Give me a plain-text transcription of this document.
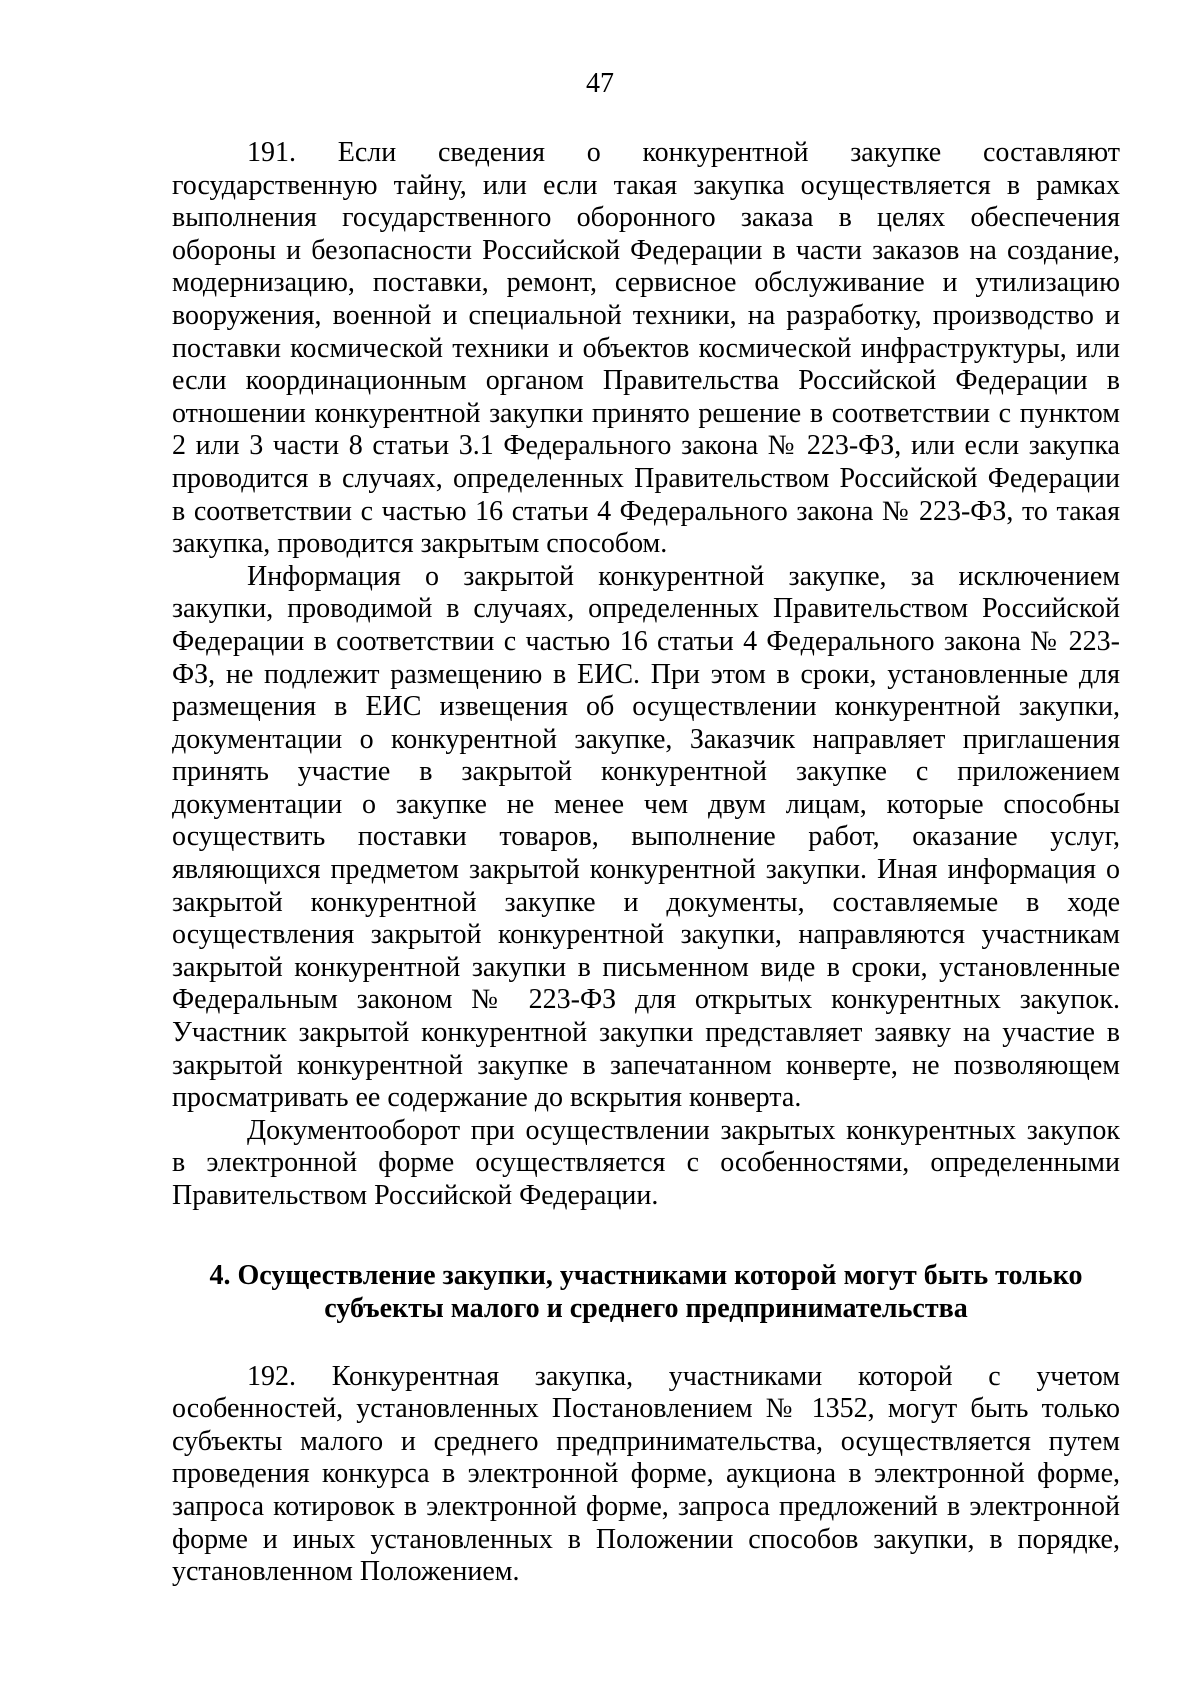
47

191. Если сведения о конкурентной закупке составляют государственную тайну, или если такая закупка осуществляется в рамках выполнения государственного оборонного заказа в целях обеспечения обороны и безопасности Российской Федерации в части заказов на создание, модернизацию, поставки, ремонт, сервисное обслуживание и утилизацию вооружения, военной и специальной техники, на разработку, производство и поставки космической техники и объектов космической инфраструктуры, или если координационным органом Правительства Российской Федерации в отношении конкурентной закупки принято решение в соответствии с пунктом 2 или 3 части 8 статьи 3.1 Федерального закона № 223-ФЗ, или если закупка проводится в случаях, определенных Правительством Российской Федерации в соответствии с частью 16 статьи 4 Федерального закона № 223-ФЗ, то такая закупка, проводится закрытым способом.

Информация о закрытой конкурентной закупке, за исключением закупки, проводимой в случаях, определенных Правительством Российской Федерации в соответствии с частью 16 статьи 4 Федерального закона № 223-ФЗ, не подлежит размещению в ЕИС. При этом в сроки, установленные для размещения в ЕИС извещения об осуществлении конкурентной закупки, документации о конкурентной закупке, Заказчик направляет приглашения принять участие в закрытой конкурентной закупке с приложением документации о закупке не менее чем двум лицам, которые способны осуществить поставки товаров, выполнение работ, оказание услуг, являющихся предметом закрытой конкурентной закупки. Иная информация о закрытой конкурентной закупке и документы, составляемые в ходе осуществления закрытой конкурентной закупки, направляются участникам закрытой конкурентной закупки в письменном виде в сроки, установленные Федеральным законом № 223-ФЗ для открытых конкурентных закупок. Участник закрытой конкурентной закупки представляет заявку на участие в закрытой конкурентной закупке в запечатанном конверте, не позволяющем просматривать ее содержание до вскрытия конверта.

Документооборот при осуществлении закрытых конкурентных закупок в электронной форме осуществляется с особенностями, определенными Правительством Российской Федерации.

4. Осуществление закупки, участниками которой могут быть только
субъекты малого и среднего предпринимательства

192. Конкурентная закупка, участниками которой с учетом особенностей, установленных Постановлением № 1352, могут быть только субъекты малого и среднего предпринимательства, осуществляется путем проведения конкурса в электронной форме, аукциона в электронной форме, запроса котировок в электронной форме, запроса предложений в электронной форме и иных установленных в Положении способов закупки, в порядке, установленном Положением.
